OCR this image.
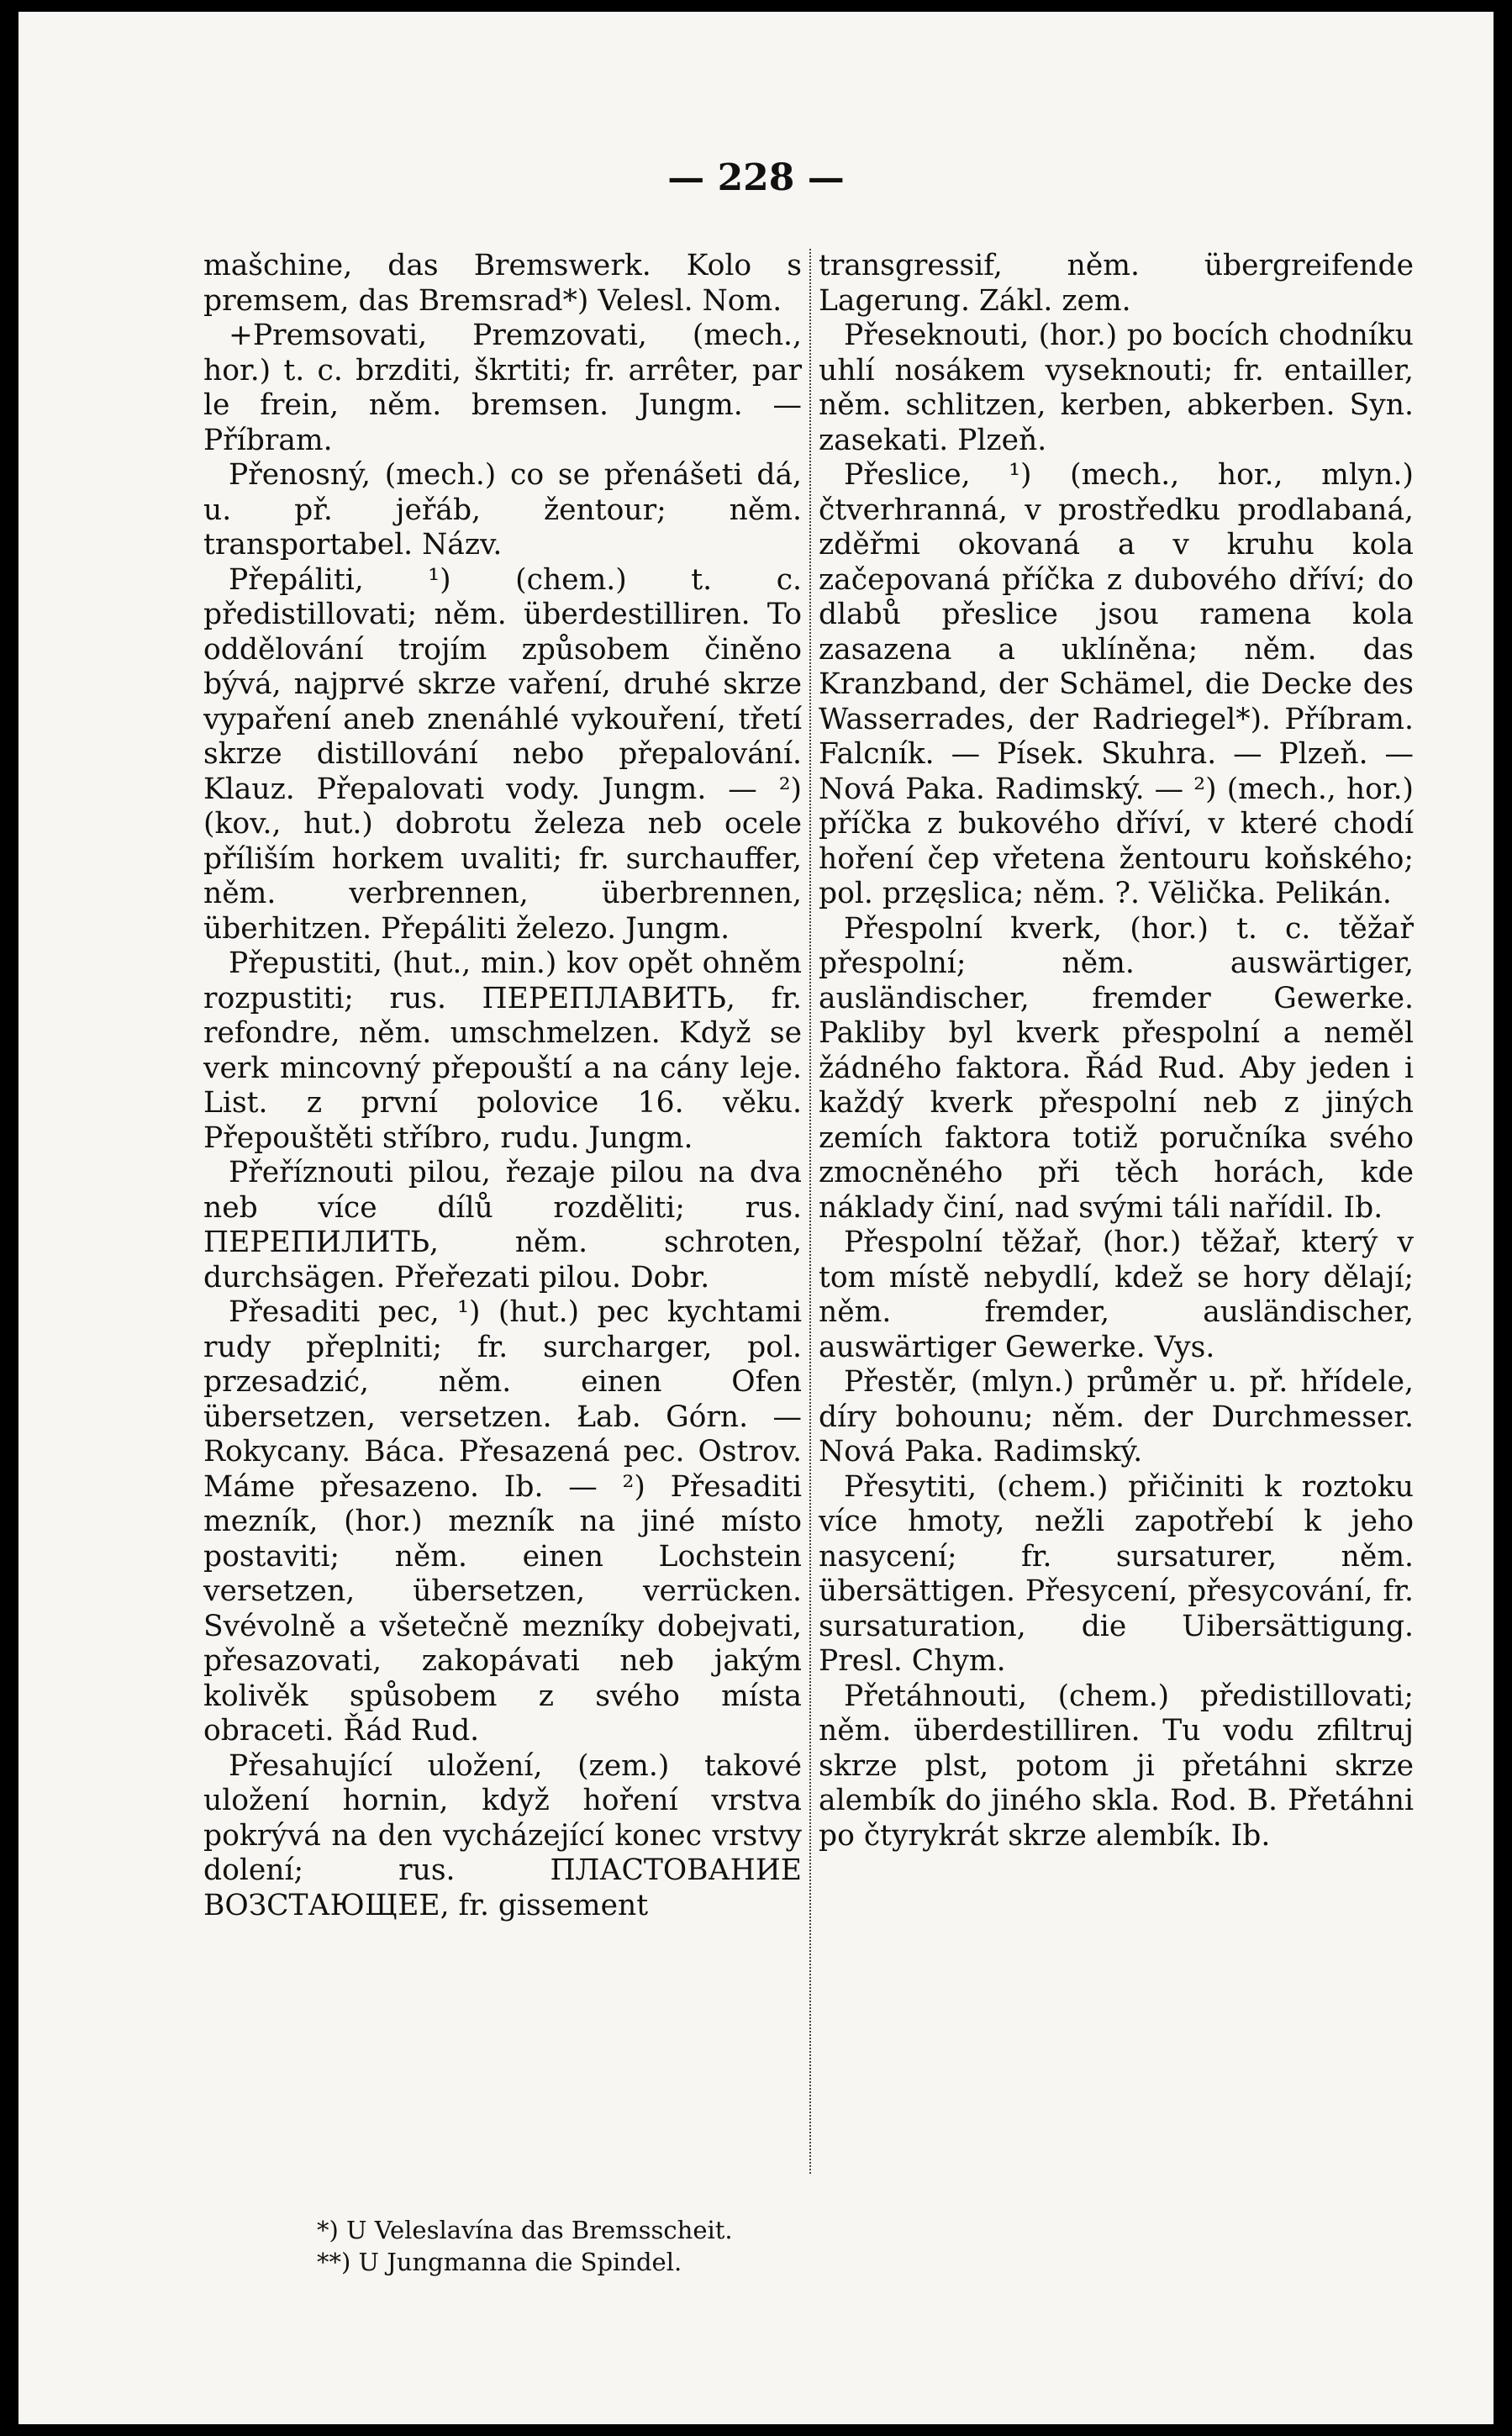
— 228 —

mašchine, das Bremswerk. Kolo s premsem, das Bremsrad*) Velesl. Nom.

+Premsovati, Premzovati, (mech., hor.) t. c. brzditi, škrtiti; fr. arrêter, par le frein, něm. bremsen. Jungm. — Příbram.

Přenosný, (mech.) co se přenášeti dá, u. př. jeřáb, žentour; něm. transportabel. Názv.

Přepáliti, ¹) (chem.) t. c. předistillovati; něm. überdestilliren. To oddělování trojím způsobem činěno bývá, najprvé skrze vaření, druhé skrze vypaření aneb znenáhlé vykouření, třetí skrze distillování nebo přepalování. Klauz. Přepalovati vody. Jungm. — ²) (kov., hut.) dobrotu železa neb ocele příliším horkem uvaliti; fr. surchauffer, něm. verbrennen, überbrennen, überhitzen. Přepáliti železo. Jungm.

Přepustiti, (hut., min.) kov opět ohněm rozpustiti; rus. ПЕРЕПЛАВИТЬ, fr. refondre, něm. umschmelzen. Když se verk mincovný přepouští a na cány leje. List. z první polovice 16. věku. Přepouštěti stříbro, rudu. Jungm.

Přeříznouti pilou, řezaje pilou na dva neb více dílů rozděliti; rus. ПЕРЕПИЛИТЬ, něm. schroten, durchsägen. Přeřezati pilou. Dobr.

Přesaditi pec, ¹) (hut.) pec kychtami rudy přeplniti; fr. surcharger, pol. przesadzić, něm. einen Ofen übersetzen, versetzen. Łab. Górn. — Rokycany. Báca. Přesazená pec. Ostrov. Máme přesazeno. Ib. — ²) Přesaditi mezník, (hor.) mezník na jiné místo postaviti; něm. einen Lochstein versetzen, übersetzen, verrücken. Svévolně a všetečně mezníky dobejvati, přesazovati, zakopávati neb jakým kolivěk spůsobem z svého místa obraceti. Řád Rud.

Přesahující uložení, (zem.) takové uložení hornin, když hoření vrstva pokrývá na den vycházející konec vrstvy dolení; rus. ПЛАСТОВАНИЕ ВОЗСТАЮЩЕЕ, fr. gissement

transgressif, něm. übergreifende Lagerung. Zákl. zem.

Přeseknouti, (hor.) po bocích chodníku uhlí nosákem vyseknouti; fr. entailler, něm. schlitzen, kerben, abkerben. Syn. zasekati. Plzeň.

Přeslice, ¹) (mech., hor., mlyn.) čtverhranná, v prostředku prodlabaná, zděřmi okovaná a v kruhu kola začepovaná příčka z dubového dříví; do dlabů přeslice jsou ramena kola zasazena a uklíněna; něm. das Kranzband, der Schämel, die Decke des Wasserrades, der Radriegel*). Příbram. Falcník. — Písek. Skuhra. — Plzeň. — Nová Paka. Radimský. — ²) (mech., hor.) příčka z bukového dříví, v které chodí hoření čep vřetena žentouru koňského; pol. przęslica; něm. ?. Vĕlička. Pelikán.

Přespolní kverk, (hor.) t. c. těžař přespolní; něm. auswärtiger, ausländischer, fremder Gewerke. Pakliby byl kverk přespolní a neměl žádného faktora. Řád Rud. Aby jeden i každý kverk přespolní neb z jiných zemích faktora totiž poručníka svého zmocněného při těch horách, kde náklady činí, nad svými táli nařídil. Ib.

Přespolní těžař, (hor.) těžař, který v tom místě nebydlí, kdež se hory dělají; něm. fremder, ausländischer, auswärtiger Gewerke. Vys.

Přestěr, (mlyn.) průměr u. př. hřídele, díry bohounu; něm. der Durchmesser. Nová Paka. Radimský.

Přesytiti, (chem.) přičiniti k roztoku více hmoty, nežli zapotřebí k jeho nasycení; fr. sursaturer, něm. übersättigen. Přesycení, přesycování, fr. sursaturation, die Uibersättigung. Presl. Chym.

Přetáhnouti, (chem.) předistillovati; něm. überdestilliren. Tu vodu zfiltruj skrze plst, potom ji přetáhni skrze alembík do jiného skla. Rod. B. Přetáhni po čtyrykrát skrze alembík. Ib.

*) U Veleslavína das Bremsscheit.
**) U Jungmanna die Spindel.
